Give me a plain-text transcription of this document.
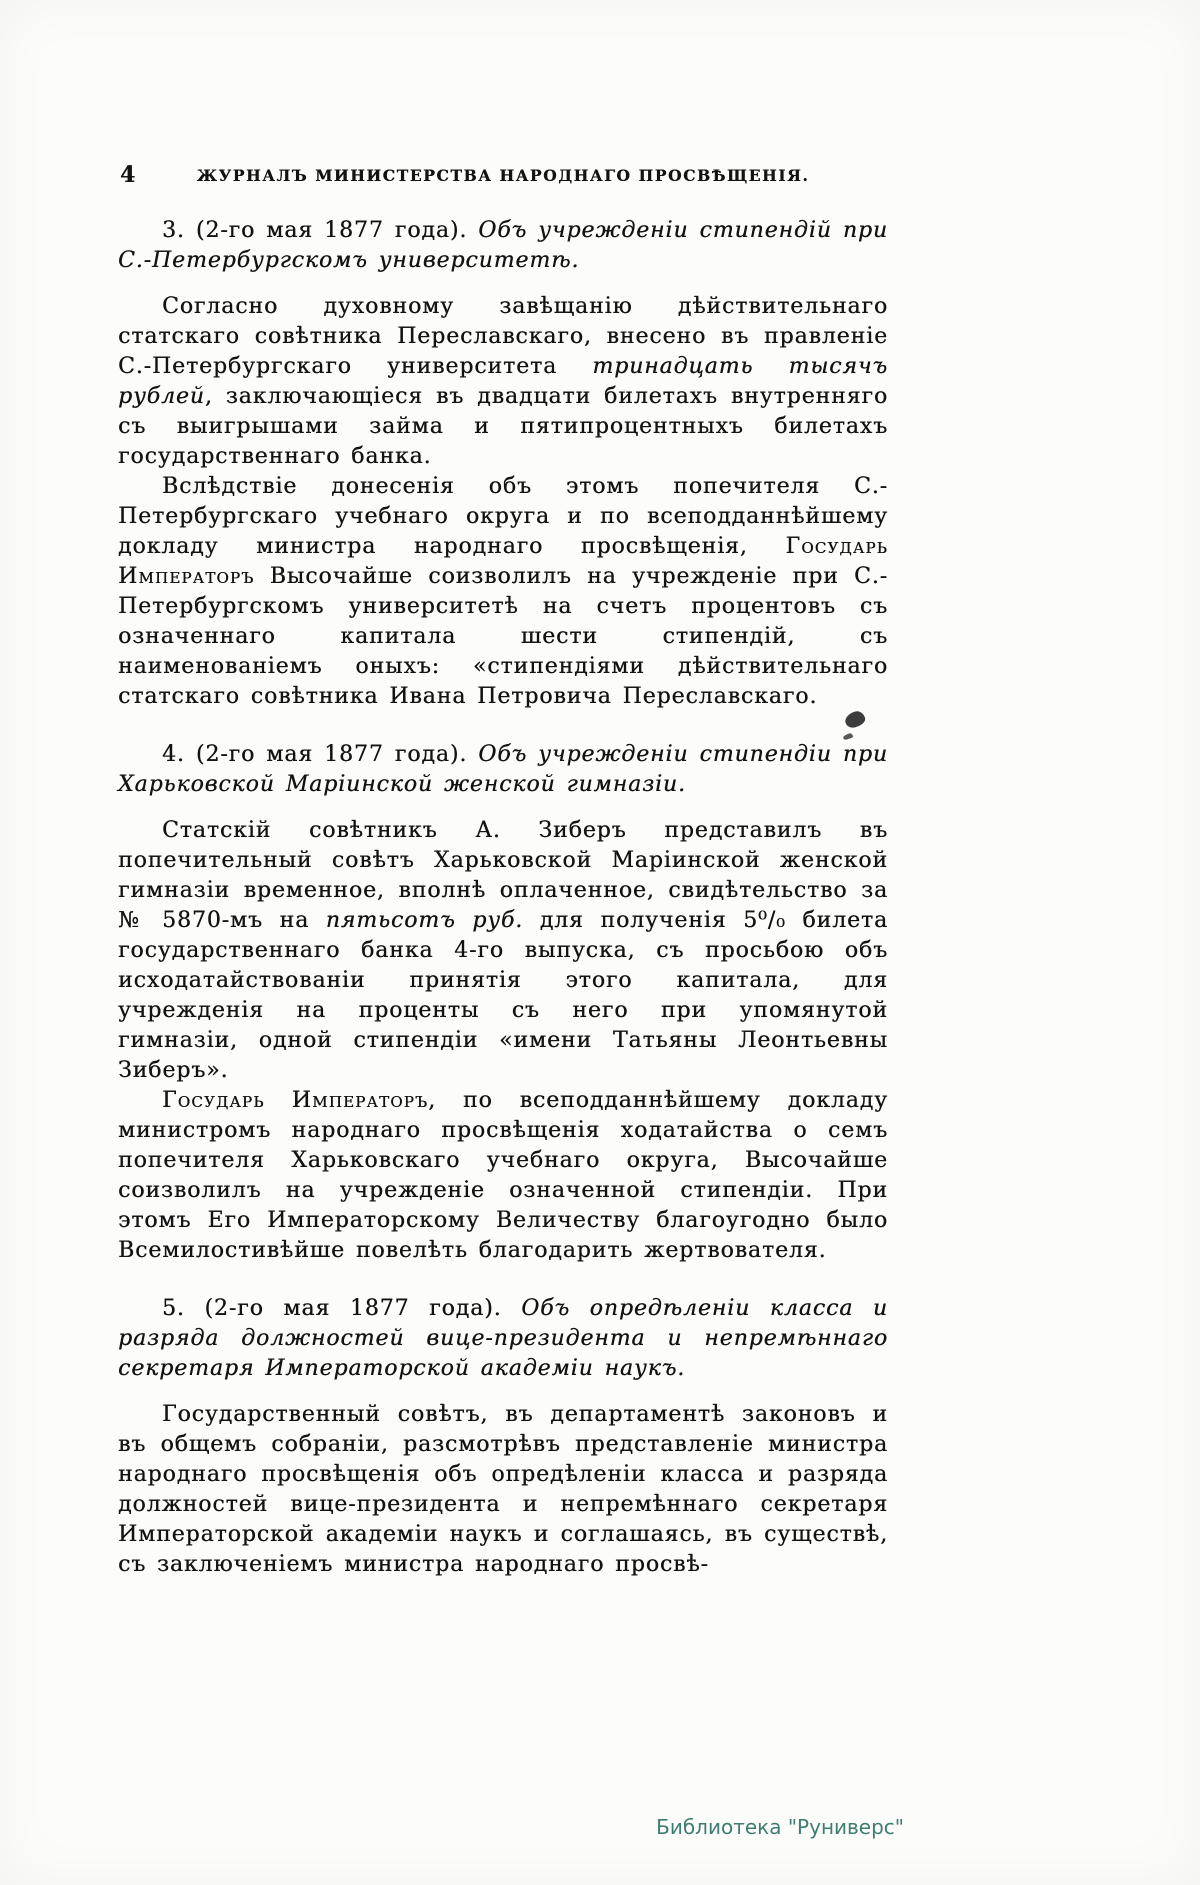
4	ЖУРНАЛЪ МИНИСТЕРСТВА НАРОДНАГО ПРОСВѢЩЕНІЯ.

3. (2-го мая 1877 года). Объ учрежденіи стипендій при С.-Петербургскомъ университетѣ.

Согласно духовному завѣщанію дѣйствительнаго статскаго совѣтника Переславскаго, внесено въ правленіе С.-Петербургскаго университета тринадцать тысячъ рублей, заключающіеся въ двадцати билетахъ внутренняго съ выигрышами займа и пятипроцентныхъ билетахъ государственнаго банка.

Вслѣдствіе донесенія объ этомъ попечителя С.-Петербургскаго учебнаго округа и по всеподданнѣйшему докладу министра народнаго просвѣщенія, Государь Императоръ Высочайше соизволилъ на учрежденіе при С.-Петербургскомъ университетѣ на счетъ процентовъ съ означеннаго капитала шести стипендій, съ наименованіемъ оныхъ: «стипендіями дѣйствительнаго статскаго совѣтника Ивана Петровича Переславскаго.

4. (2-го мая 1877 года). Объ учрежденіи стипендіи при Харьковской Маріинской женской гимназіи.

Статскій совѣтникъ А. Зиберъ представилъ въ попечительный совѣтъ Харьковской Маріинской женской гимназіи временное, вполнѣ оплаченное, свидѣтельство за № 5870-мъ на пятьсотъ руб. для полученія 5⁰/₀ билета государственнаго банка 4-го выпуска, съ просьбою объ исходатайствованіи принятія этого капитала, для учрежденія на проценты съ него при упомянутой гимназіи, одной стипендіи «имени Татьяны Леонтьевны Зиберъ».

Государь Императоръ, по всеподданнѣйшему докладу министромъ народнаго просвѣщенія ходатайства о семъ попечителя Харьковскаго учебнаго округа, Высочайше соизволилъ на учрежденіе означенной стипендіи. При этомъ Его Императорскому Величеству благоугодно было Всемилостивѣйше повелѣть благодарить жертвователя.

5. (2-го мая 1877 года). Объ опредѣленіи класса и разряда должностей вице-президента и непремѣннаго секретаря Императорской академіи наукъ.

Государственный совѣтъ, въ департаментѣ законовъ и въ общемъ собраніи, разсмотрѣвъ представленіе министра народнаго просвѣщенія объ опредѣленіи класса и разряда должностей вице-президента и непремѣннаго секретаря Императорской академіи наукъ и соглашаясь, въ существѣ, съ заключеніемъ министра народнаго просвѣ-

Библиотека "Руниверс"
